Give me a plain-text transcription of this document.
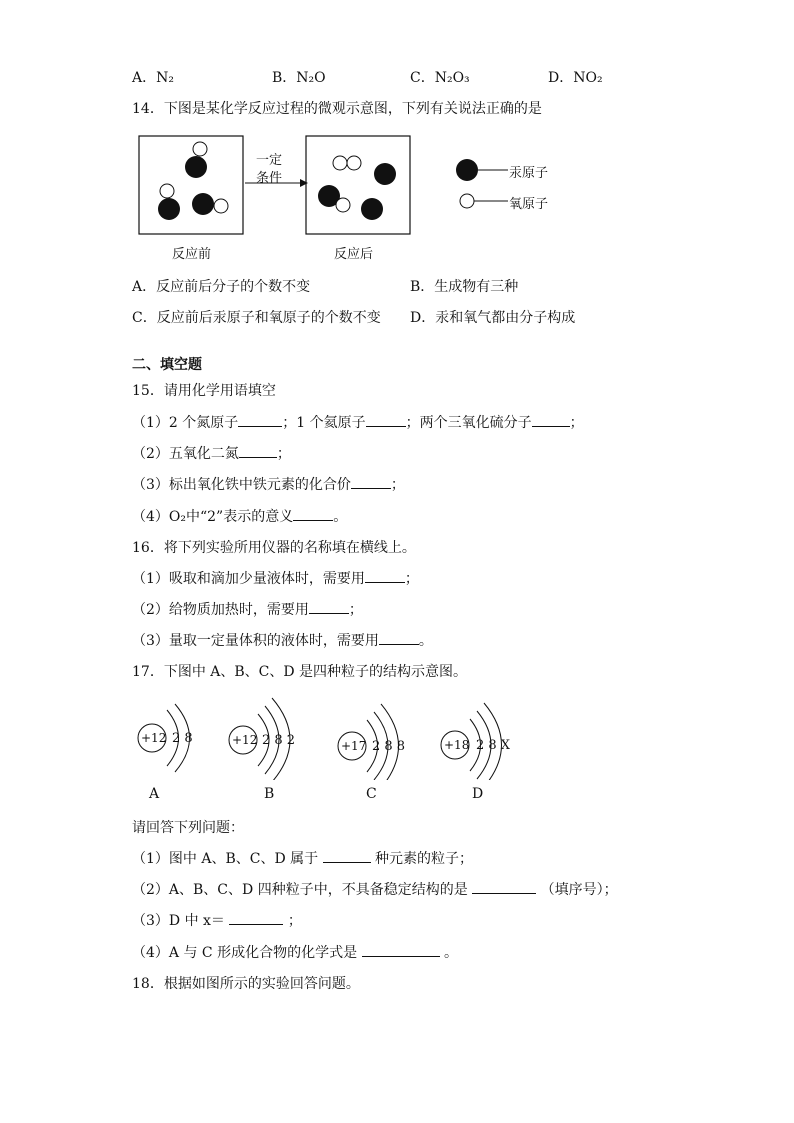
A．N₂	B．N₂O	C．N₂O₃	D．NO₂
14．下图是某化学反应过程的微观示意图，下列有关说法正确的是
一定
条件
反应前	反应后
汞原子
氧原子
A．反应前后分子的个数不变	B．生成物有三种
C．反应前后汞原子和氧原子的个数不变 D．汞和氧气都由分子构成
二、填空题
15．请用化学用语填空
（1）2 个氮原子	；1 个氦原子	；两个三氧化硫分子	；
（2）五氧化二氮	；
（3）标出氧化铁中铁元素的化合价	；
（4）O₂中“2”表示的意义	。
16．将下列实验所用仪器的名称填在横线上。
（1）吸取和滴加少量液体时，需要用	；
（2）给物质加热时，需要用	；
（3）量取一定量体积的液体时，需要用	。
17．下图中 A、B、C、D 是四种粒子的结构示意图。
+12 2 8	+12 2 8 2	+17 2 8 8	+18 2 8 X
A	B	C	D
请回答下列问题：
（1）图中 A、B、C、D 属于	种元素的粒子；
（2）A、B、C、D 四种粒子中，不具备稳定结构的是	（填序号）；
（3）D 中 x＝	；
（4）A 与 C 形成化合物的化学式是	。
18．根据如图所示的实验回答问题。
